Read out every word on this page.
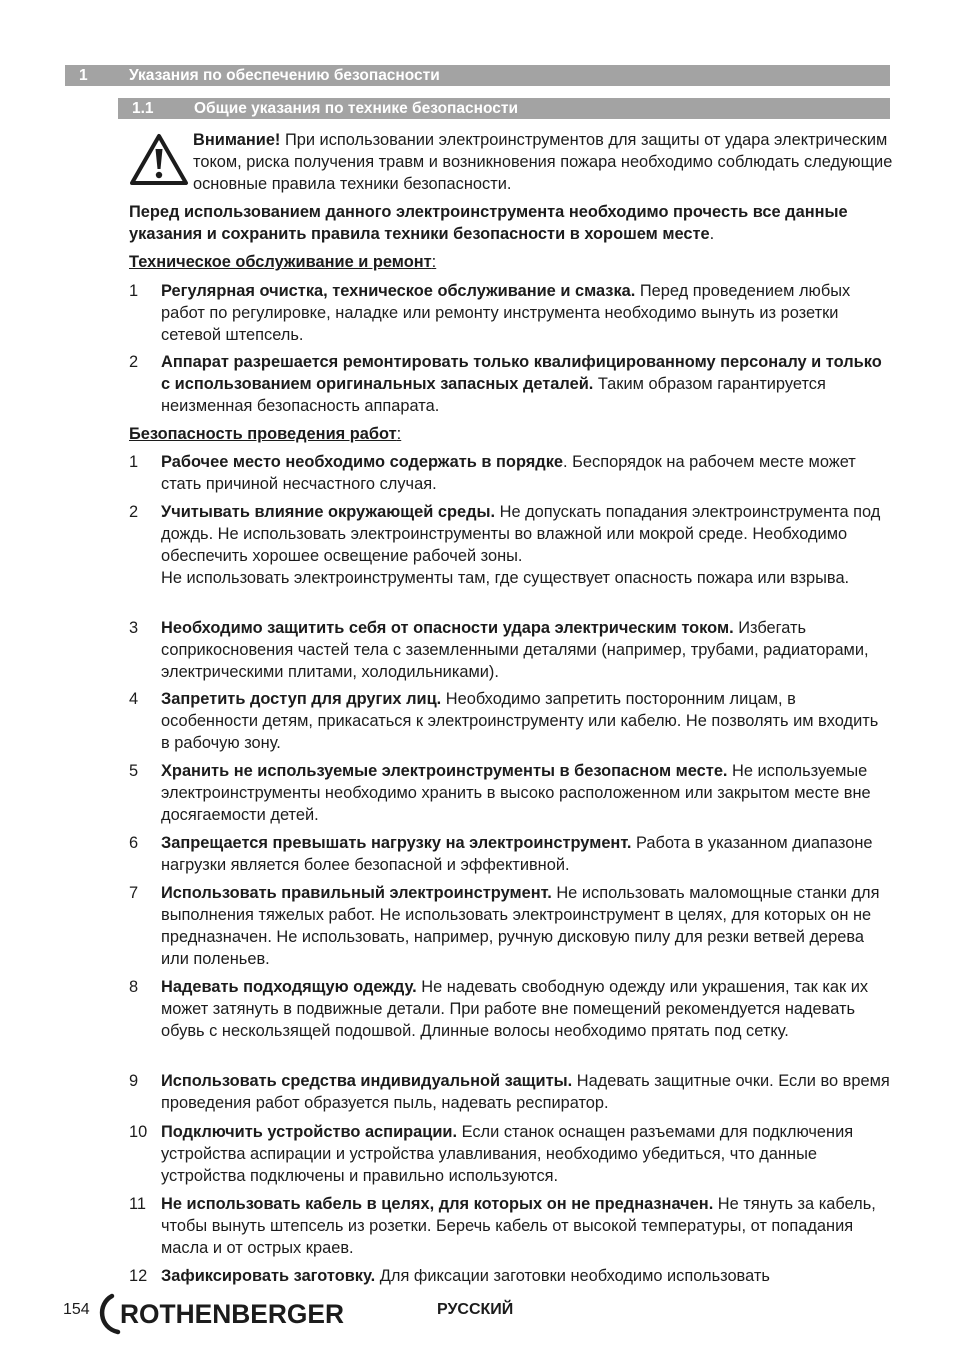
1	Указания по обеспечению безопасности
1.1	Общие указания по технике безопасности
Внимание! При использовании электроинструментов для защиты от удара электрическим током, риска получения травм и возникновения пожара необходимо соблюдать следующие основные правила техники безопасности.
Перед использованием данного электроинструмента необходимо прочесть все данные указания и сохранить правила техники безопасности в хорошем месте.
Техническое обслуживание и ремонт:
1 Регулярная очистка, техническое обслуживание и смазка. Перед проведением любых работ по регулировке, наладке или ремонту инструмента необходимо вынуть из розетки сетевой штепсель.
2 Аппарат разрешается ремонтировать только квалифицированному персоналу и только с использованием оригинальных запасных деталей. Таким образом гарантируется неизменная безопасность аппарата.
Безопасность проведения работ:
1 Рабочее место необходимо содержать в порядке. Беспорядок на рабочем месте может стать причиной несчастного случая.
2 Учитывать влияние окружающей среды. Не допускать попадания электроинструмента под дождь. Не использовать электроинструменты во влажной или мокрой среде. Необходимо обеспечить хорошее освещение рабочей зоны.
Не использовать электроинструменты там, где существует опасность пожара или взрыва.
3 Необходимо защитить себя от опасности удара электрическим током. Избегать соприкосновения частей тела с заземленными деталями (например, трубами, радиаторами, электрическими плитами, холодильниками).
4 Запретить доступ для других лиц. Необходимо запретить посторонним лицам, в особенности детям, прикасаться к электроинструменту или кабелю. Не позволять им входить в рабочую зону.
5 Хранить не используемые электроинструменты в безопасном месте. Не используемые электроинструменты необходимо хранить в высоко расположенном или закрытом месте вне досягаемости детей.
6 Запрещается превышать нагрузку на электроинструмент. Работа в указанном диапазоне нагрузки является более безопасной и эффективной.
7 Использовать правильный электроинструмент. Не использовать маломощные станки для выполнения тяжелых работ. Не использовать электроинструмент в целях, для которых он не предназначен. Не использовать, например, ручную дисковую пилу для резки ветвей дерева или поленьев.
8 Надевать подходящую одежду. Не надевать свободную одежду или украшения, так как их может затянуть в подвижные детали. При работе вне помещений рекомендуется надевать обувь с нескользящей подошвой. Длинные волосы необходимо прятать под сетку.
9 Использовать средства индивидуальной защиты. Надевать защитные очки. Если во время проведения работ образуется пыль, надевать респиратор.
10 Подключить устройство аспирации. Если станок оснащен разъемами для подключения устройства аспирации и устройства улавливания, необходимо убедиться, что данные устройства подключены и правильно используются.
11 Не использовать кабель в целях, для которых он не предназначен. Не тянуть за кабель, чтобы вынуть штепсель из розетки. Беречь кабель от высокой температуры, от попадания масла и от острых краев.
12 Зафиксировать заготовку. Для фиксации заготовки необходимо использовать
154 ROTHENBERGER	РУССКИЙ
